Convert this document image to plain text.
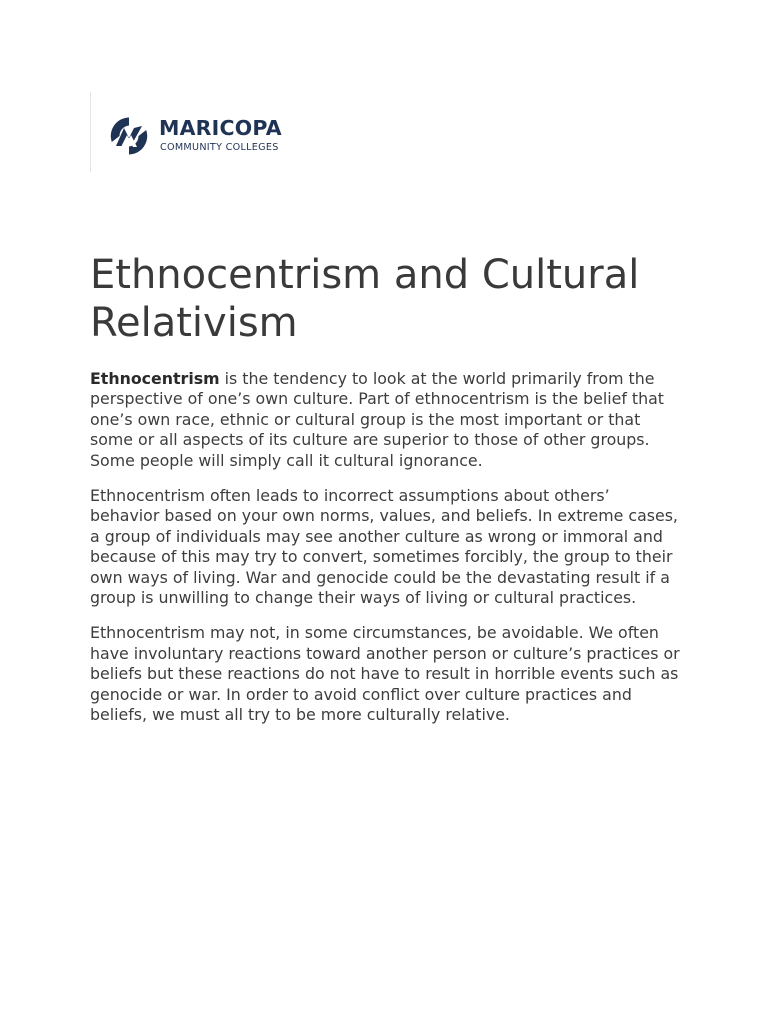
MARICOPA
COMMUNITY COLLEGES
Ethnocentrism and Cultural Relativism

Ethnocentrism is the tendency to look at the world primarily from the perspective of one’s own culture. Part of ethnocentrism is the belief that one’s own race, ethnic or cultural group is the most important or that some or all aspects of its culture are superior to those of other groups. Some people will simply call it cultural ignorance.

Ethnocentrism often leads to incorrect assumptions about others’ behavior based on your own norms, values, and beliefs. In extreme cases, a group of individuals may see another culture as wrong or immoral and because of this may try to convert, sometimes forcibly, the group to their own ways of living. War and genocide could be the devastating result if a group is unwilling to change their ways of living or cultural practices.

Ethnocentrism may not, in some circumstances, be avoidable. We often have involuntary reactions toward another person or culture’s practices or beliefs but these reactions do not have to result in horrible events such as genocide or war. In order to avoid conflict over culture practices and beliefs, we must all try to be more culturally relative.
